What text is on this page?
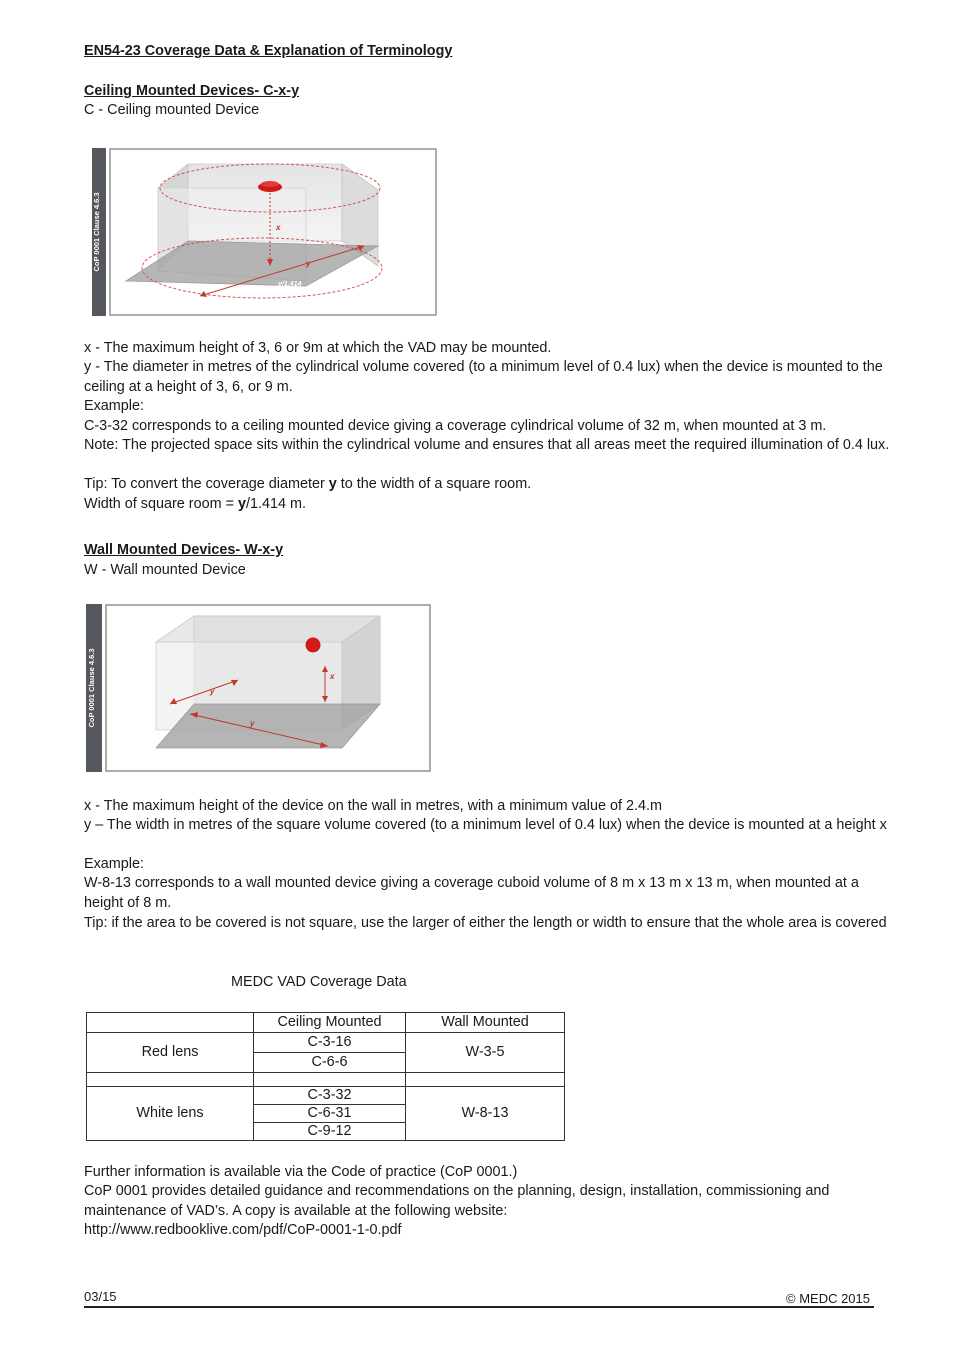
EN54-23 Coverage Data & Explanation of Terminology
Ceiling Mounted Devices- C-x-y
C - Ceiling mounted Device
CoP 0001 Clause 4.6.3	x
y
y/1.414
x - The maximum height of 3, 6 or 9m at which the VAD may be mounted.
y - The diameter in metres of the cylindrical volume covered (to a minimum level of 0.4 lux) when the device is mounted to the ceiling at a height of 3, 6, or 9 m.
Example:
C-3-32 corresponds to a ceiling mounted device giving a coverage cylindrical volume of 32 m, when mounted at 3 m.
Note: The projected space sits within the cylindrical volume and ensures that all areas meet the required illumination of 0.4 lux.
Tip: To convert the coverage diameter y to the width of a square room.
Width of square room = y/1.414 m.
Wall Mounted Devices- W-x-y
W - Wall mounted Device
CoP 0001 Clause 4.6.3	x
y
y
x - The maximum height of the device on the wall in metres, with a minimum value of 2.4.m
y – The width in metres of the square volume covered (to a minimum level of 0.4 lux) when the device is mounted at a height x
Example:
W-8-13 corresponds to a wall mounted device giving a coverage cuboid volume of 8 m x 13 m x 13 m, when mounted at a height of 8 m.
Tip: if the area to be covered is not square, use the larger of either the length or width to ensure that the whole area is covered
MEDC VAD Coverage Data
	Ceiling Mounted	Wall Mounted
Red lens	C-3-16	W-3-5
	C-6-6	

White lens	C-3-32	W-8-13
	C-6-31	
	C-9-12	
Further information is available via the Code of practice (CoP 0001.)
CoP 0001 provides detailed guidance and recommendations on the planning, design, installation, commissioning and maintenance of VAD’s. A copy is available at the following website:
http://www.redbooklive.com/pdf/CoP-0001-1-0.pdf
03/15	© MEDC 2015
